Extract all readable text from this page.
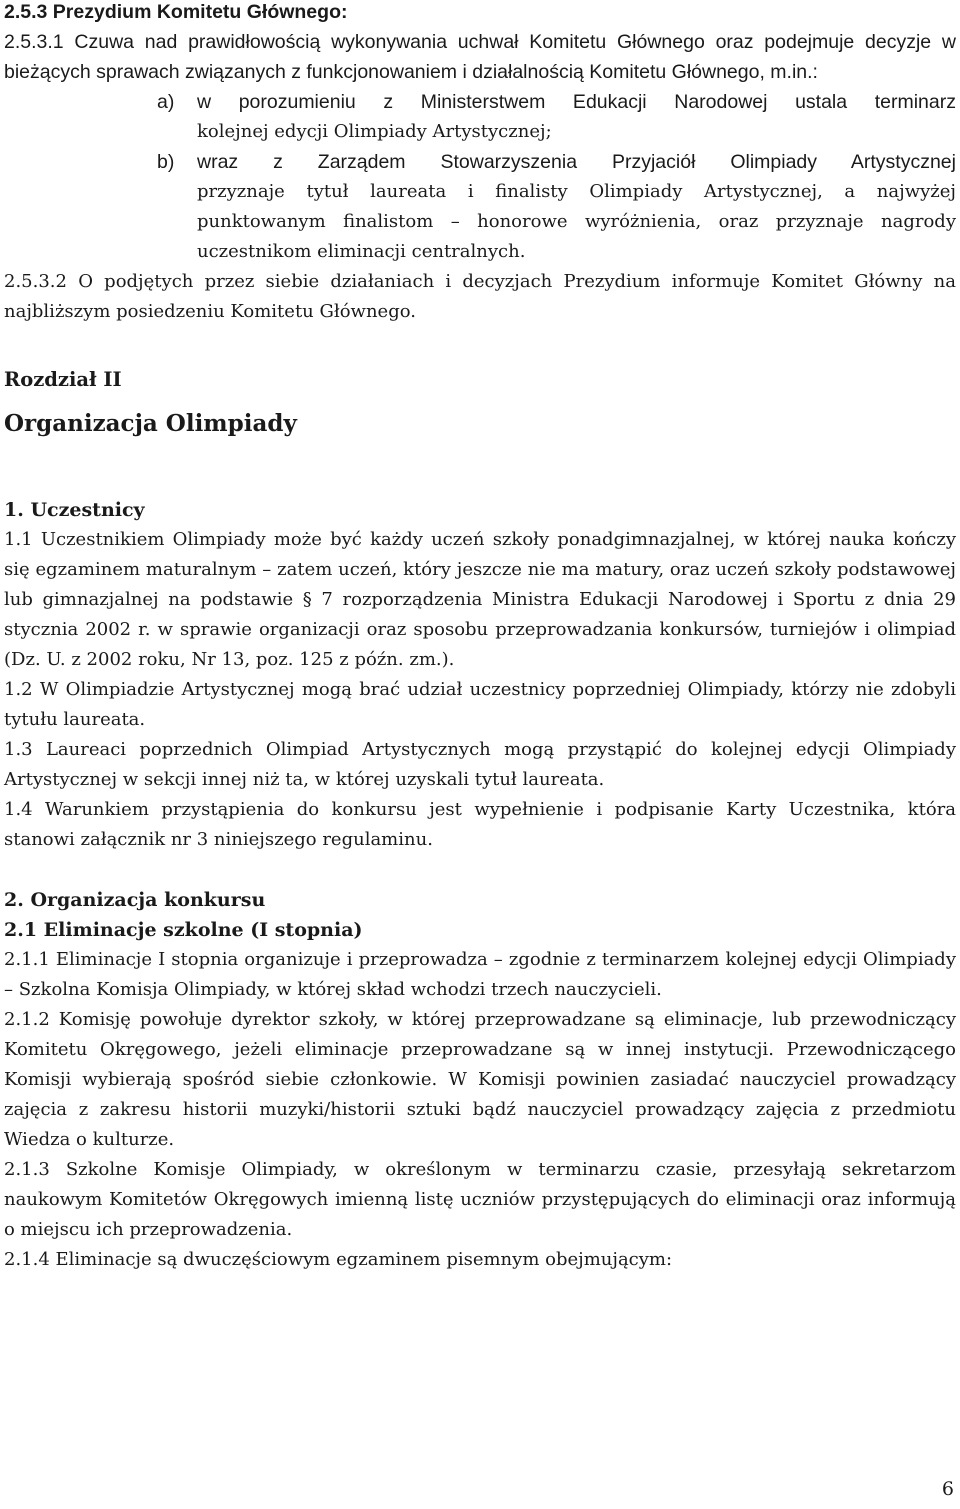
2.5.3 Prezydium Komitetu Głównego:

2.5.3.1 Czuwa nad prawidłowością wykonywania uchwał Komitetu Głównego oraz podejmuje decyzje w bieżących sprawach związanych z funkcjonowaniem i działalnością Komitetu Głównego, m.in.:

a)	w porozumieniu z Ministerstwem Edukacji Narodowej ustala terminarz
kolejnej edycji Olimpiady Artystycznej;
b)	wraz z Zarządem Stowarzyszenia Przyjaciół Olimpiady Artystycznej
przyznaje tytuł laureata i finalisty Olimpiady Artystycznej, a najwyżej punktowanym finalistom – honorowe wyróżnienia, oraz przyznaje nagrody uczestnikom eliminacji centralnych.

2.5.3.2 O podjętych przez siebie działaniach i decyzjach Prezydium informuje Komitet Główny na najbliższym posiedzeniu Komitetu Głównego.

Rozdział II
Organizacja Olimpiady
1. Uczestnicy

1.1 Uczestnikiem Olimpiady może być każdy uczeń szkoły ponadgimnazjalnej, w której nauka kończy się egzaminem maturalnym – zatem uczeń, który jeszcze nie ma matury, oraz uczeń szkoły podstawowej lub gimnazjalnej na podstawie § 7 rozporządzenia Ministra Edukacji Narodowej i Sportu z dnia 29 stycznia 2002 r. w sprawie organizacji oraz sposobu przeprowadzania konkursów, turniejów i olimpiad (Dz. U. z 2002 roku, Nr 13, poz. 125 z późn. zm.).

1.2 W Olimpiadzie Artystycznej mogą brać udział uczestnicy poprzedniej Olimpiady, którzy nie zdobyli tytułu laureata.

1.3 Laureaci poprzednich Olimpiad Artystycznych mogą przystąpić do kolejnej edycji Olimpiady Artystycznej w sekcji innej niż ta, w której uzyskali tytuł laureata.

1.4 Warunkiem przystąpienia do konkursu jest wypełnienie i podpisanie Karty Uczestnika, która stanowi załącznik nr 3 niniejszego regulaminu.

2. Organizacja konkursu
2.1 Eliminacje szkolne (I stopnia)

2.1.1 Eliminacje I stopnia organizuje i przeprowadza – zgodnie z terminarzem kolejnej edycji Olimpiady – Szkolna Komisja Olimpiady, w której skład wchodzi trzech nauczycieli.

2.1.2 Komisję powołuje dyrektor szkoły, w której przeprowadzane są eliminacje, lub przewodniczący Komitetu Okręgowego, jeżeli eliminacje przeprowadzane są w innej instytucji. Przewodniczącego Komisji wybierają spośród siebie członkowie. W Komisji powinien zasiadać nauczyciel prowadzący zajęcia z zakresu historii muzyki/historii sztuki bądź nauczyciel prowadzący zajęcia z przedmiotu Wiedza o kulturze.

2.1.3 Szkolne Komisje Olimpiady, w określonym w terminarzu czasie, przesyłają sekretarzom naukowym Komitetów Okręgowych imienną listę uczniów przystępujących do eliminacji oraz informują o miejscu ich przeprowadzenia.

2.1.4 Eliminacje są dwuczęściowym egzaminem pisemnym obejmującym:

6
